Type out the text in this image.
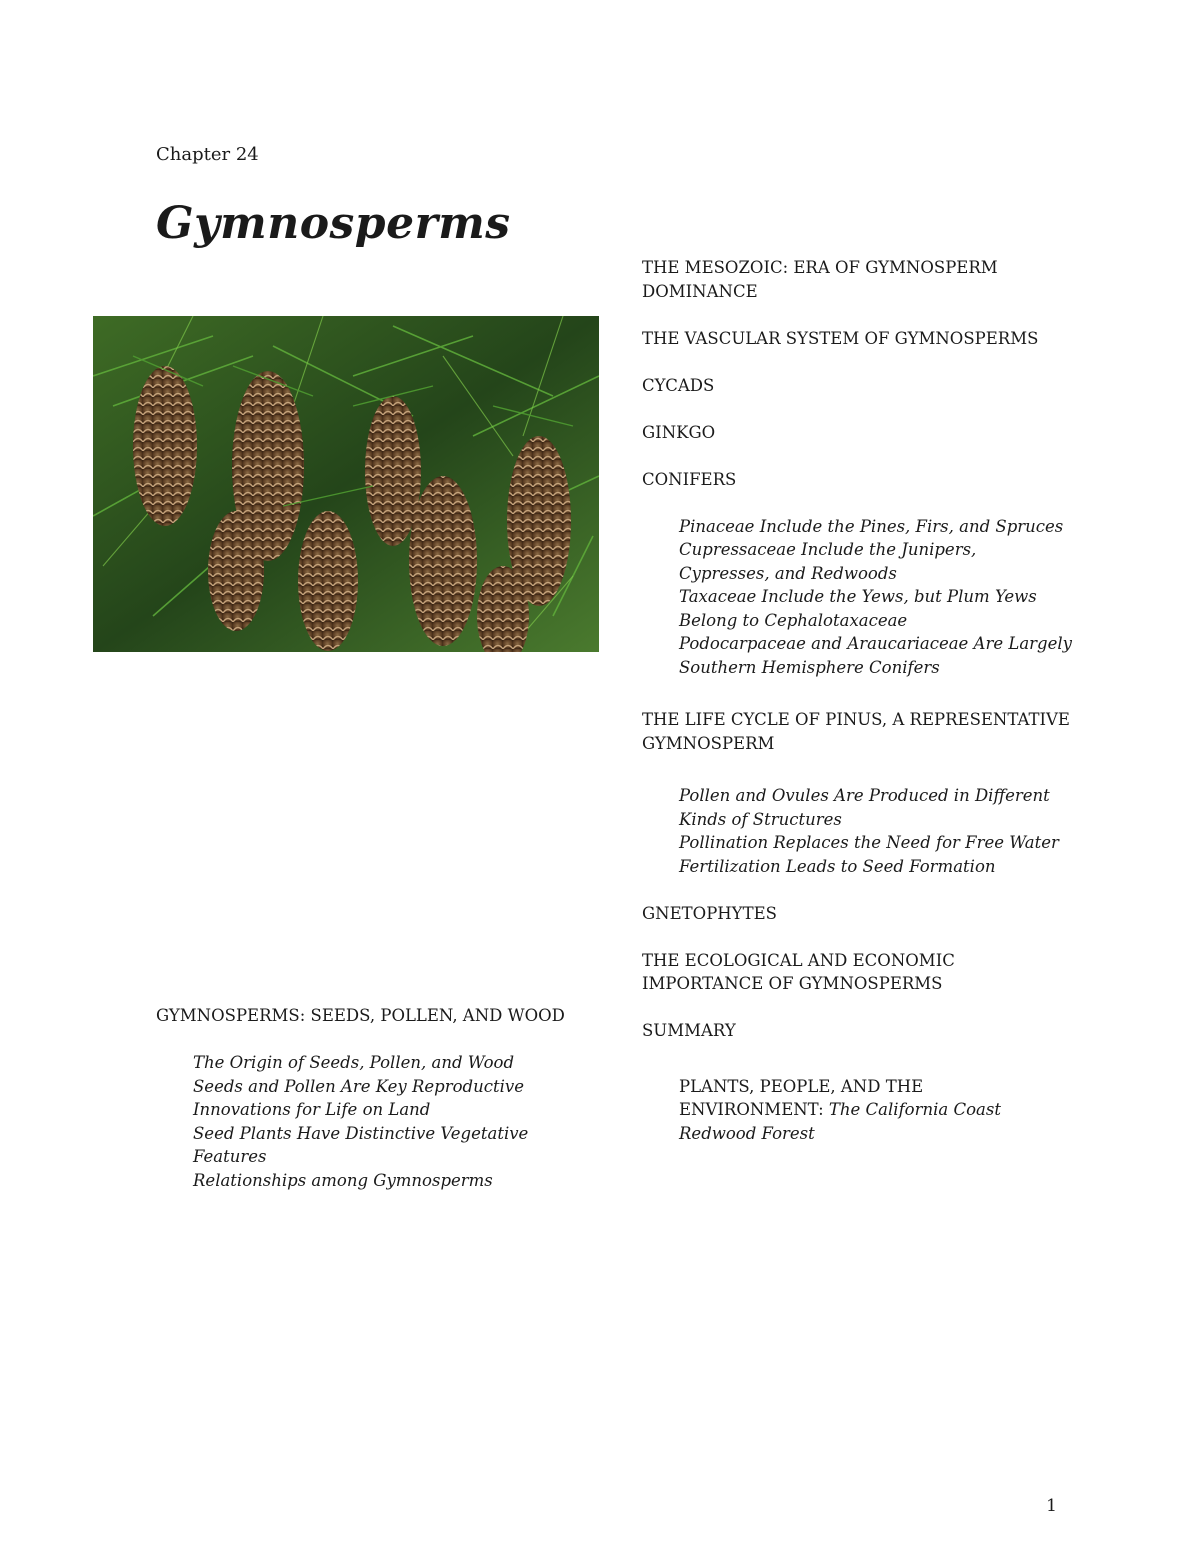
Chapter 24
Gymnosperms

GYMNOSPERMS: SEEDS, POLLEN, AND WOOD

The Origin of Seeds, Pollen, and Wood

Seeds and Pollen Are Key Reproductive Innovations for Life on Land

Seed Plants Have Distinctive Vegetative Features

Relationships among Gymnosperms

THE MESOZOIC: ERA OF GYMNOSPERM DOMINANCE

THE VASCULAR SYSTEM OF GYMNOSPERMS

CYCADS

GINKGO

CONIFERS

Pinaceae Include the Pines, Firs, and Spruces

Cupressaceae Include the Junipers, Cypresses, and Redwoods

Taxaceae Include the Yews, but Plum Yews Belong to Cephalotaxaceae

Podocarpaceae and Araucariaceae Are Largely Southern Hemisphere Conifers

THE LIFE CYCLE OF PINUS, A REPRESENTATIVE GYMNOSPERM

Pollen and Ovules Are Produced in Different Kinds of Structures

Pollination Replaces the Need for Free Water

Fertilization Leads to Seed Formation

GNETOPHYTES

THE ECOLOGICAL AND ECONOMIC IMPORTANCE OF GYMNOSPERMS

SUMMARY

PLANTS, PEOPLE, AND THE ENVIRONMENT: The California Coast Redwood Forest

1
